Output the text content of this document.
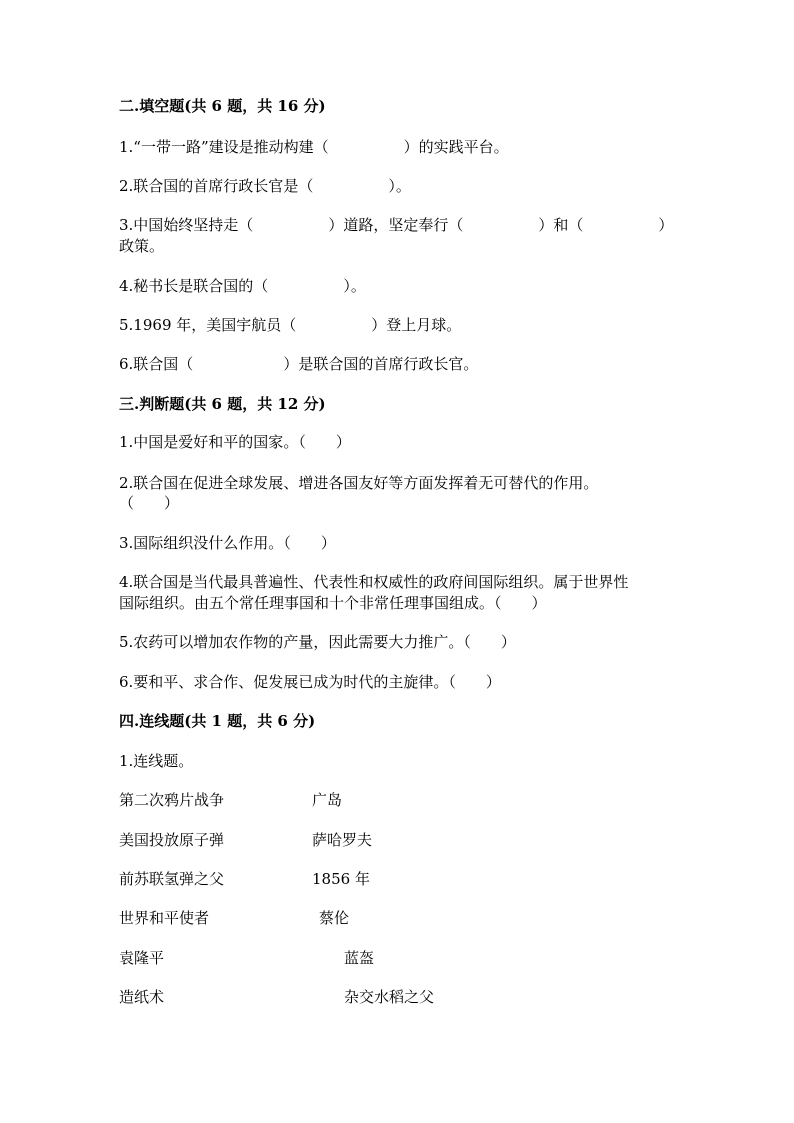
二.填空题(共 6 题，共 16 分)
1.“一带一路”建设是推动构建（　　　　　）的实践平台。
2.联合国的首席行政长官是（　　　　　）。
3.中国始终坚持走（　　　　　）道路，坚定奉行（　　　　　）和（　　　　　）
政策。
4.秘书长是联合国的（　　　　　）。
5.1969 年，美国宇航员（　　　　　）登上月球。
6.联合国（　　　　　　）是联合国的首席行政长官。
三.判断题(共 6 题，共 12 分)
1.中国是爱好和平的国家。（　　）
2.联合国在促进全球发展、增进各国友好等方面发挥着无可替代的作用。
（　　）
3.国际组织没什么作用。（　　）
4.联合国是当代最具普遍性、代表性和权威性的政府间国际组织。属于世界性
国际组织。由五个常任理事国和十个非常任理事国组成。（　　）
5.农药可以增加农作物的产量，因此需要大力推广。（　　）
6.要和平、求合作、促发展已成为时代的主旋律。（　　）
四.连线题(共 1 题，共 6 分)
1.连线题。
第二次鸦片战争	广岛
美国投放原子弹	萨哈罗夫
前苏联氢弹之父	1856 年
世界和平使者	蔡伦
袁隆平	蓝盔
造纸术	杂交水稻之父
